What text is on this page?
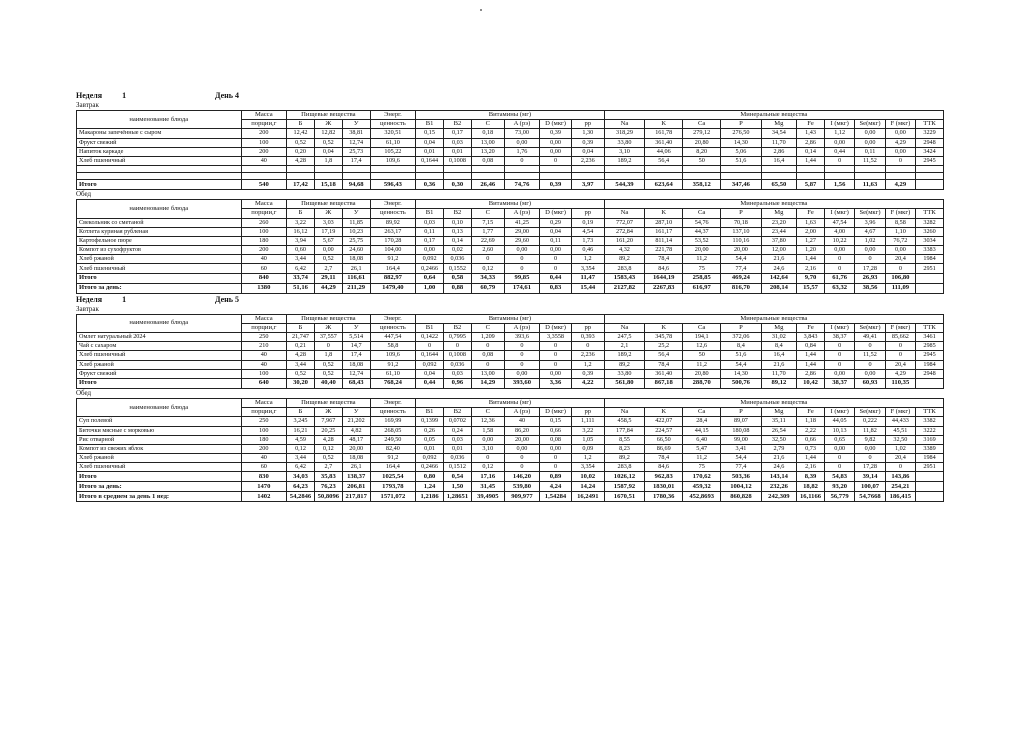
Неделя	1	День 4
Завтрак
наименование блюда	Масса	Пищевые вещества			Энерг.	Витамины (мг)						Минеральные вещества									
	порции,г	Б	Ж	У	ценность	B1	B2	C	A (рэ)	D (мкг)	pp	Na	K	Ca	P	Mg	Fe	I (мкг)	Se(мкг)	F (мкг)	ТТК
Макароны запечённые с сыром	200	12,42	12,82	38,81	320,51	0,15	0,17	0,18	73,00	0,39	1,30	318,29	161,78	279,12	276,50	34,54	1,43	1,12	0,00	0,00	3229
Фрукт свежий	100	0,52	0,52	12,74	61,10	0,04	0,03	13,00	0,00	0,00	0,39	33,80	361,40	20,80	14,30	11,70	2,86	0,00	0,00	4,29	2948
Напиток каркаде	200	0,20	0,04	25,73	105,22	0,01	0,01	13,20	1,76	0,00	0,04	3,10	44,06	8,20	5,06	2,86	0,14	0,44	0,11	0,00	3424
Хлеб пшеничный	40	4,28	1,8	17,4	109,6	0,1644	0,1008	0,08	0	0	2,236	189,2	56,4	50	51,6	16,4	1,44	0	11,52	0	2945

Итого	540	17,42	15,18	94,68	596,43	0,36	0,30	26,46	74,76	0,39	3,97	544,39	623,64	358,12	347,46	65,50	5,87	1,56	11,63	4,29	
Обед
наименование блюда	Масса	Пищевые вещества			Энерг.	Витамины (мг)						Минеральные вещества									
	порции,г	Б	Ж	У	ценность	B1	B2	C	A (рэ)	D (мкг)	pp	Na	K	Ca	P	Mg	Fe	I (мкг)	Se(мкг)	F (мкг)	ТТК
Свекольник со сметаной	260	3,22	3,03	11,85	89,92	0,03	0,10	7,15	41,25	0,29	0,19	772,07	287,10	54,76	70,18	23,20	1,63	47,54	3,96	8,58	3282
Котлета куриная рубленая	100	16,12	17,19	10,23	263,17	0,11	0,13	1,77	29,00	0,04	4,54	272,84	161,17	44,37	137,10	23,44	2,00	4,00	4,67	1,10	3260
Картофельное пюре	180	3,94	5,67	25,75	170,28	0,17	0,14	22,69	29,60	0,11	1,73	161,20	811,14	53,52	110,16	37,80	1,27	10,22	1,02	76,72	3034
Компот из сухофруктов	200	0,60	0,00	24,60	104,00	0,00	0,02	2,60	0,00	0,00	0,46	4,32	221,78	20,00	20,00	12,00	1,20	0,00	0,00	0,00	3383
Хлеб ржаной	40	3,44	0,52	18,08	91,2	0,092	0,036	0	0	0	1,2	89,2	78,4	11,2	54,4	21,6	1,44	0	0	20,4	1984
Хлеб пшеничный	60	6,42	2,7	26,1	164,4	0,2466	0,1552	0,12	0	0	3,354	283,8	84,6	75	77,4	24,6	2,16	0	17,28	0	2951
Итого	840	33,74	29,11	116,61	882,97	0,64	0,58	34,33	99,85	0,44	11,47	1583,43	1644,19	258,85	469,24	142,64	9,70	61,76	26,93	106,80	
Итого за день:	1380	51,16	44,29	211,29	1479,40	1,00	0,88	60,79	174,61	0,83	15,44	2127,82	2267,83	616,97	816,70	208,14	15,57	63,32	38,56	111,09	
Неделя	1	День 5
Завтрак
наименование блюда	Масса	Пищевые вещества			Энерг.	Витамины (мг)						Минеральные вещества									
	порции,г	Б	Ж	У	ценность	B1	B2	C	A (рэ)	D (мкг)	pp	Na	K	Ca	P	Mg	Fe	I (мкг)	Se(мкг)	F (мкг)	ТТК
Омлет натуральный 2024	250	21,747	37,557	5,514	447,54	0,1422	0,7995	1,209	393,6	3,3558	0,393	247,5	345,78	194,1	372,06	31,02	3,843	38,37	49,41	85,662	3461
Чай с сахаром	210	0,21	0	14,7	58,8	0	0	0	0	0	0	2,1	25,2	12,6	8,4	8,4	0,84	0	0	0	2985
Хлеб пшеничный	40	4,28	1,8	17,4	109,6	0,1644	0,1008	0,08	0	0	2,236	189,2	56,4	50	51,6	16,4	1,44	0	11,52	0	2945
Хлеб ржаной	40	3,44	0,52	18,08	91,2	0,092	0,036	0	0	0	1,2	89,2	78,4	11,2	54,4	21,6	1,44	0	0	20,4	1984
Фрукт свежий	100	0,52	0,52	12,74	61,10	0,04	0,03	13,00	0,00	0,00	0,39	33,80	361,40	20,80	14,30	11,70	2,86	0,00	0,00	4,29	2948
Итого	640	30,20	40,40	68,43	768,24	0,44	0,96	14,29	393,60	3,36	4,22	561,80	867,18	288,70	500,76	89,12	10,42	38,37	60,93	110,35	
Обед
наименование блюда	Масса	Пищевые вещества			Энерг.	Витамины (мг)						Минеральные вещества									
	порции,г	Б	Ж	У	ценность	B1	B2	C	A (рэ)	D (мкг)	pp	Na	K	Ca	P	Mg	Fe	I (мкг)	Se(мкг)	F (мкг)	ТТК
Суп полевой	250	3,245	7,967	21,202	169,99	0,1399	0,0702	12,36	40	0,15	1,111	458,5	422,07	28,4	89,07	35,11	1,18	44,05	0,222	44,433	3382
Биточки мясные с морковью	100	16,21	20,25	4,82	268,05	0,26	0,24	1,58	86,20	0,66	3,22	177,84	224,57	44,15	180,08	26,54	2,22	10,13	11,82	45,51	3222
Рис отварной	180	4,59	4,28	48,17	249,50	0,05	0,03	0,00	20,00	0,08	1,05	8,55	66,50	6,40	99,00	32,50	0,66	0,65	9,82	32,50	3169
Компот из свежих яблок	200	0,12	0,12	20,00	82,40	0,01	0,01	3,10	0,00	0,00	0,09	8,23	86,69	5,47	3,41	2,79	0,73	0,00	0,00	1,02	3389
Хлеб ржаной	40	3,44	0,52	18,08	91,2	0,092	0,036	0	0	0	1,2	89,2	78,4	11,2	54,4	21,6	1,44	0	0	20,4	1984
Хлеб пшеничный	60	6,42	2,7	26,1	164,4	0,2466	0,1512	0,12	0	0	3,354	283,8	84,6	75	77,4	24,6	2,16	0	17,28	0	2951
Итого	830	34,03	35,83	138,37	1025,54	0,80	0,54	17,16	146,20	0,89	10,02	1026,12	962,83	170,62	503,36	143,14	8,39	54,83	39,14	143,86	
Итого за день:	1470	64,23	76,23	206,81	1793,78	1,24	1,50	31,45	539,80	4,24	14,24	1587,92	1830,01	459,32	1004,12	232,26	18,82	93,20	100,07	254,21	
Итого в среднем за день 1 нед:	1402	54,2846	50,8096	217,817	1571,072	1,2186	1,28651	39,4905	909,977	1,54284	16,2491	1670,51	1780,36	452,8693	860,828	242,309	16,1166	56,779	54,7668	186,415	
